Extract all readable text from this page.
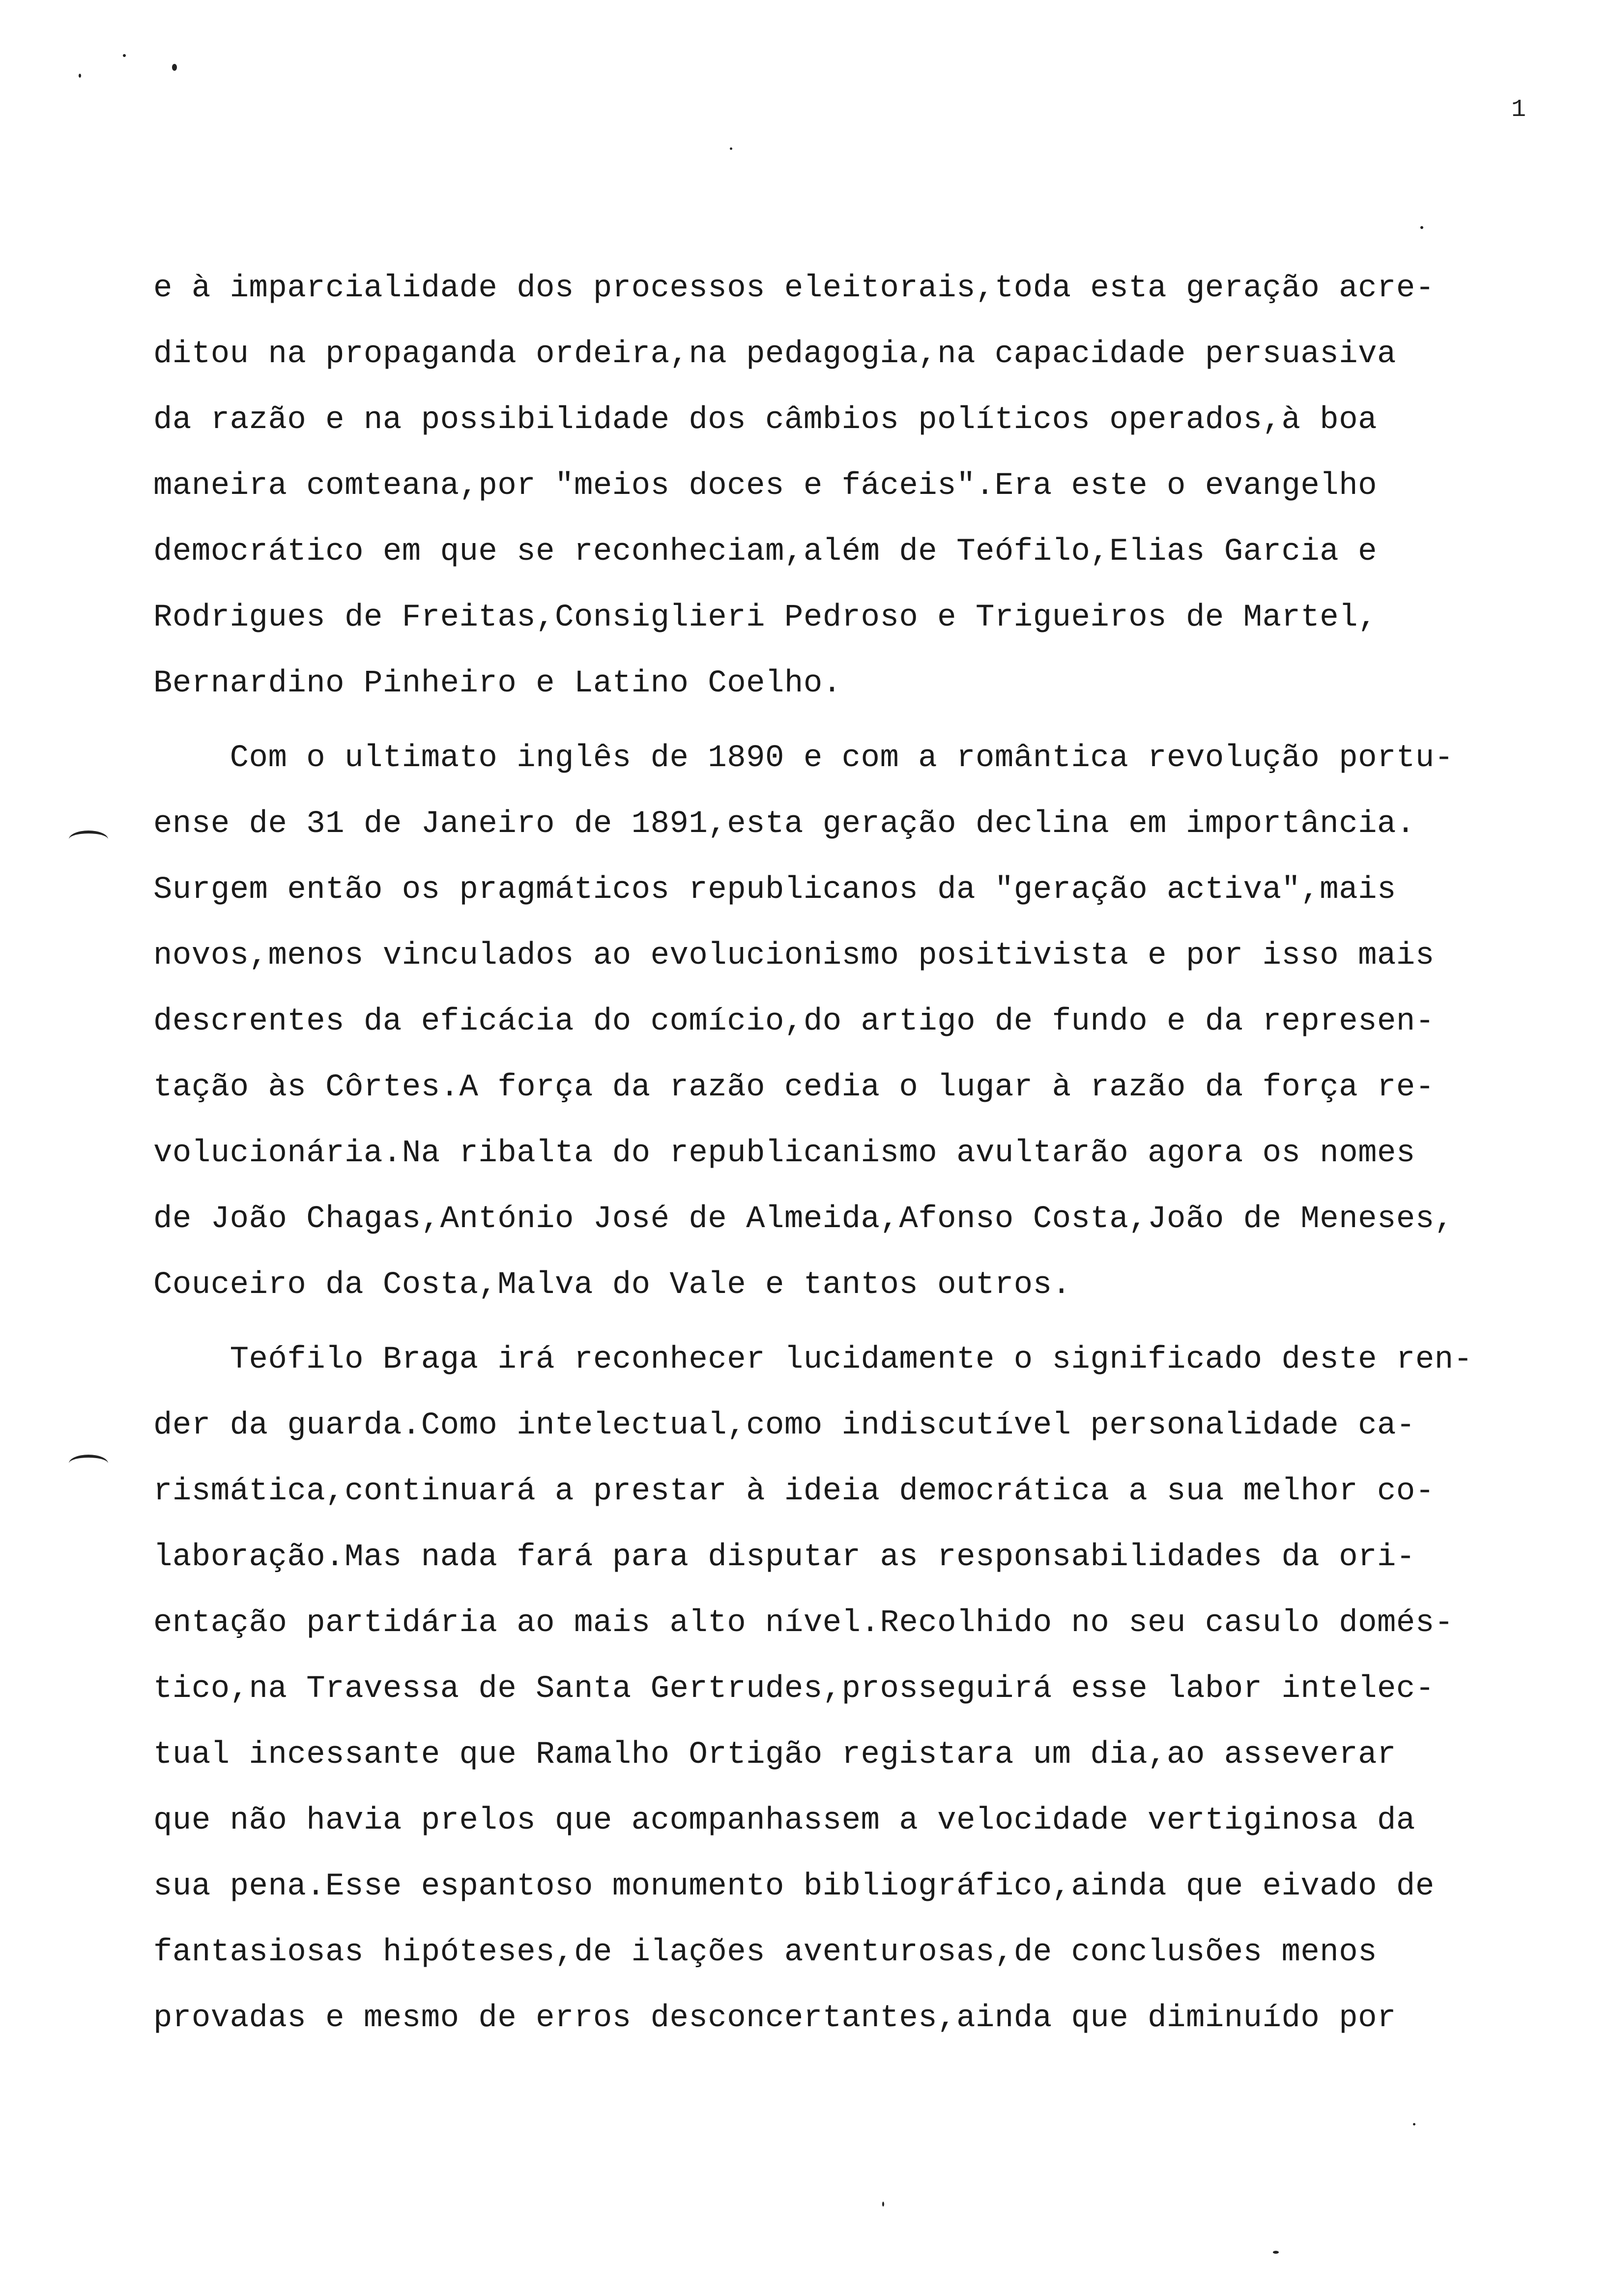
1
e à imparcialidade dos processos eleitorais,toda esta geração acre-
ditou na propaganda ordeira,na pedagogia,na capacidade persuasiva
da razão e na possibilidade dos câmbios políticos operados,à boa
maneira comteana,por "meios doces e fáceis".Era este o evangelho
democrático em que se reconheciam,além de Teófilo,Elias Garcia e
Rodrigues de Freitas,Consiglieri Pedroso e Trigueiros de Martel,
Bernardino Pinheiro e Latino Coelho.
Com o ultimato inglês de 1890 e com a romântica revolução portu-
ense de 31 de Janeiro de 1891,esta geração declina em importância.
Surgem então os pragmáticos republicanos da "geração activa",mais
novos,menos vinculados ao evolucionismo positivista e por isso mais
descrentes da eficácia do comício,do artigo de fundo e da represen-
tação às Côrtes.A força da razão cedia o lugar à razão da força re-
volucionária.Na ribalta do republicanismo avultarão agora os nomes
de João Chagas,António José de Almeida,Afonso Costa,João de Meneses,
Couceiro da Costa,Malva do Vale e tantos outros.
Teófilo Braga irá reconhecer lucidamente o significado deste ren-
der da guarda.Como intelectual,como indiscutível personalidade ca-
rismática,continuará a prestar à ideia democrática a sua melhor co-
laboração.Mas nada fará para disputar as responsabilidades da ori-
entação partidária ao mais alto nível.Recolhido no seu casulo domés-
tico,na Travessa de Santa Gertrudes,prosseguirá esse labor intelec-
tual incessante que Ramalho Ortigão registara um dia,ao asseverar
que não havia prelos que acompanhassem a velocidade vertiginosa da
sua pena.Esse espantoso monumento bibliográfico,ainda que eivado de
fantasiosas hipóteses,de ilações aventurosas,de conclusões menos
provadas e mesmo de erros desconcertantes,ainda que diminuído por
